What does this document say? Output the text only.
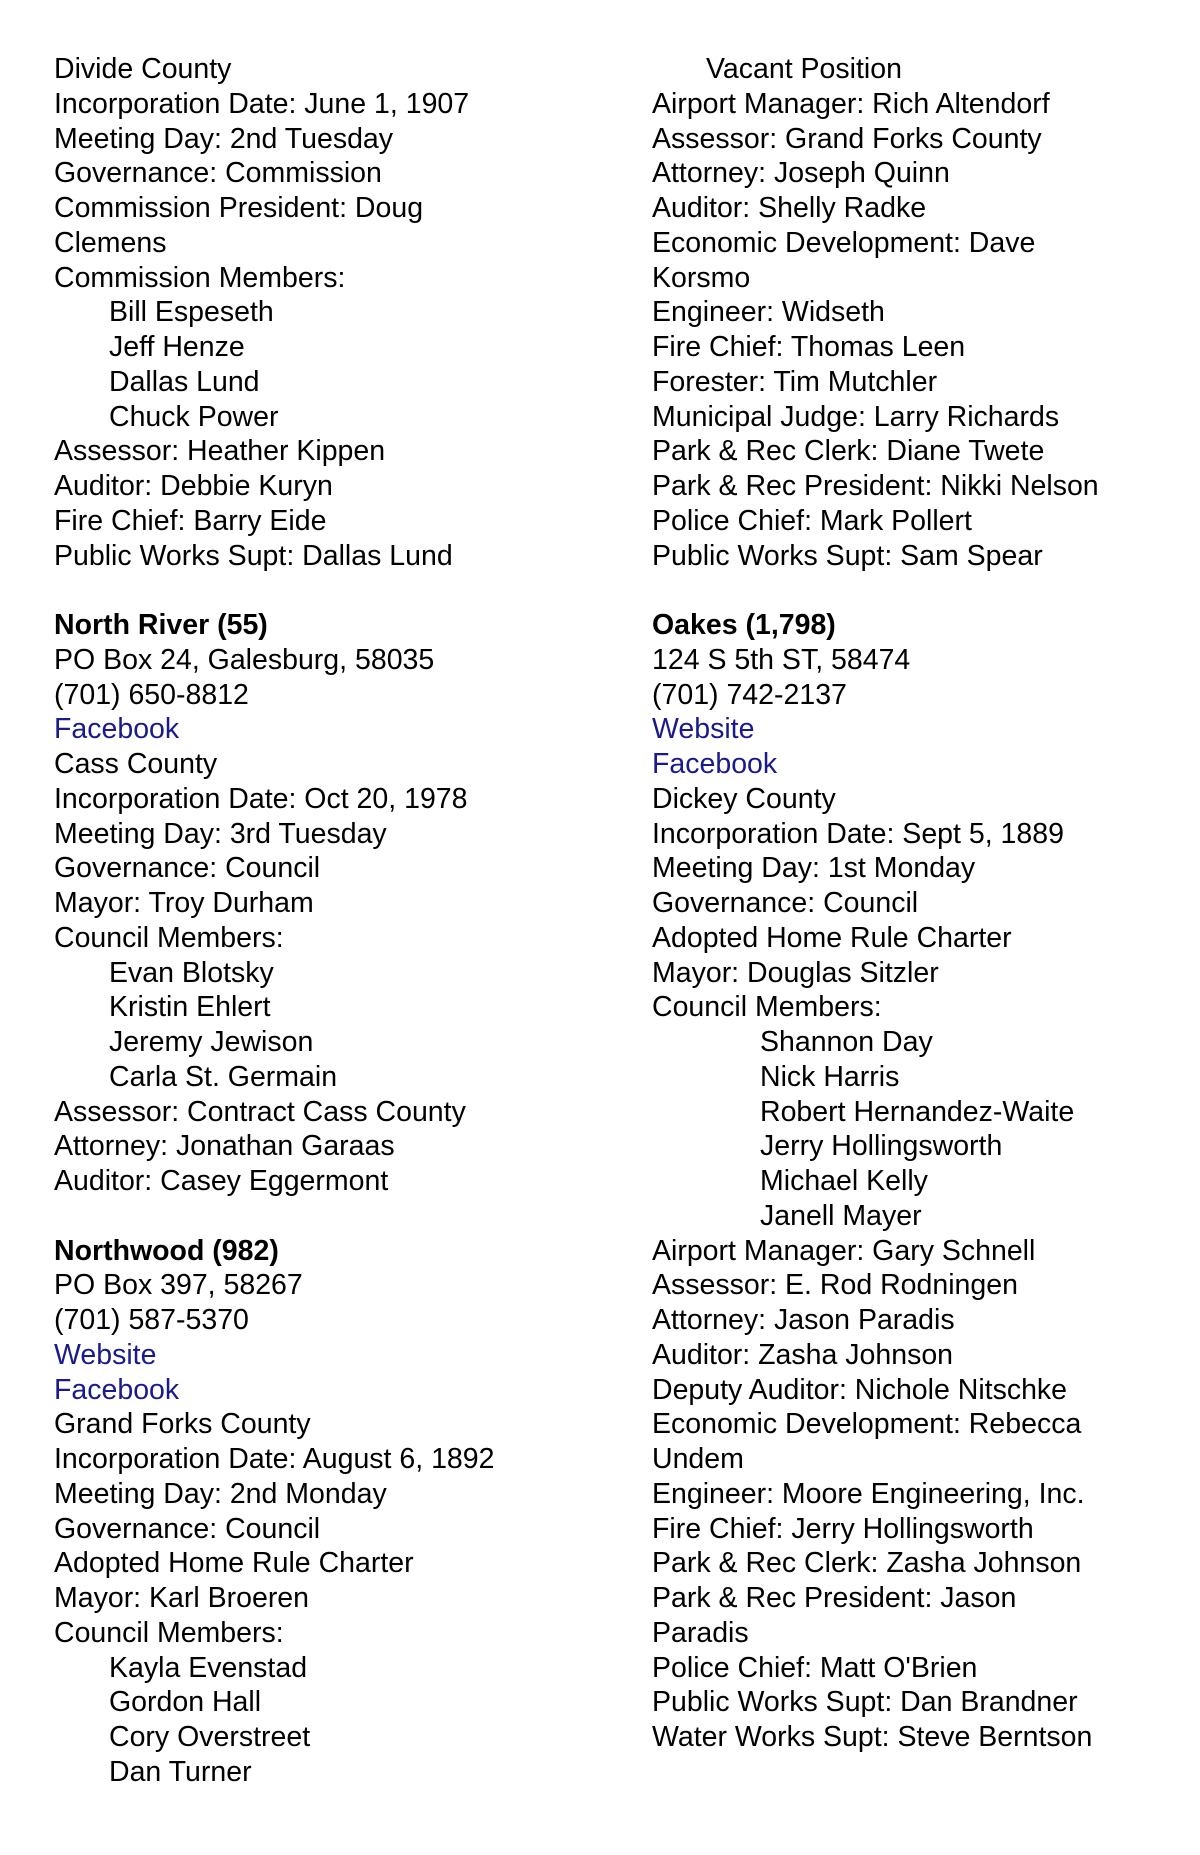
Divide County
Incorporation Date: June 1, 1907
Meeting Day: 2nd Tuesday
Governance: Commission
Commission President: Doug
Clemens
Commission Members:
Bill Espeseth
Jeff Henze
Dallas Lund
Chuck Power
Assessor: Heather Kippen
Auditor: Debbie Kuryn
Fire Chief: Barry Eide
Public Works Supt: Dallas Lund
North River (55)
PO Box 24, Galesburg, 58035
(701) 650-8812
Facebook
Cass County
Incorporation Date: Oct 20, 1978
Meeting Day: 3rd Tuesday
Governance: Council
Mayor: Troy Durham
Council Members:
Evan Blotsky
Kristin Ehlert
Jeremy Jewison
Carla St. Germain
Assessor: Contract Cass County
Attorney: Jonathan Garaas
Auditor: Casey Eggermont
Northwood (982)
PO Box 397, 58267
(701) 587-5370
Website
Facebook
Grand Forks County
Incorporation Date: August 6, 1892
Meeting Day: 2nd Monday
Governance: Council
Adopted Home Rule Charter
Mayor: Karl Broeren
Council Members:
Kayla Evenstad
Gordon Hall
Cory Overstreet
Dan Turner
Vacant Position
Airport Manager: Rich Altendorf
Assessor: Grand Forks County
Attorney: Joseph Quinn
Auditor: Shelly Radke
Economic Development: Dave
Korsmo
Engineer: Widseth
Fire Chief: Thomas Leen
Forester: Tim Mutchler
Municipal Judge: Larry Richards
Park & Rec Clerk: Diane Twete
Park & Rec President: Nikki Nelson
Police Chief: Mark Pollert
Public Works Supt: Sam Spear
Oakes (1,798)
124 S 5th ST, 58474
(701) 742-2137
Website
Facebook
Dickey County
Incorporation Date: Sept 5, 1889
Meeting Day: 1st Monday
Governance: Council
Adopted Home Rule Charter
Mayor: Douglas Sitzler
Council Members:
Shannon Day
Nick Harris
Robert Hernandez-Waite
Jerry Hollingsworth
Michael Kelly
Janell Mayer
Airport Manager: Gary Schnell
Assessor: E. Rod Rodningen
Attorney: Jason Paradis
Auditor: Zasha Johnson
Deputy Auditor: Nichole Nitschke
Economic Development: Rebecca
Undem
Engineer: Moore Engineering, Inc.
Fire Chief: Jerry Hollingsworth
Park & Rec Clerk: Zasha Johnson
Park & Rec President: Jason
Paradis
Police Chief: Matt O'Brien
Public Works Supt: Dan Brandner
Water Works Supt: Steve Berntson
